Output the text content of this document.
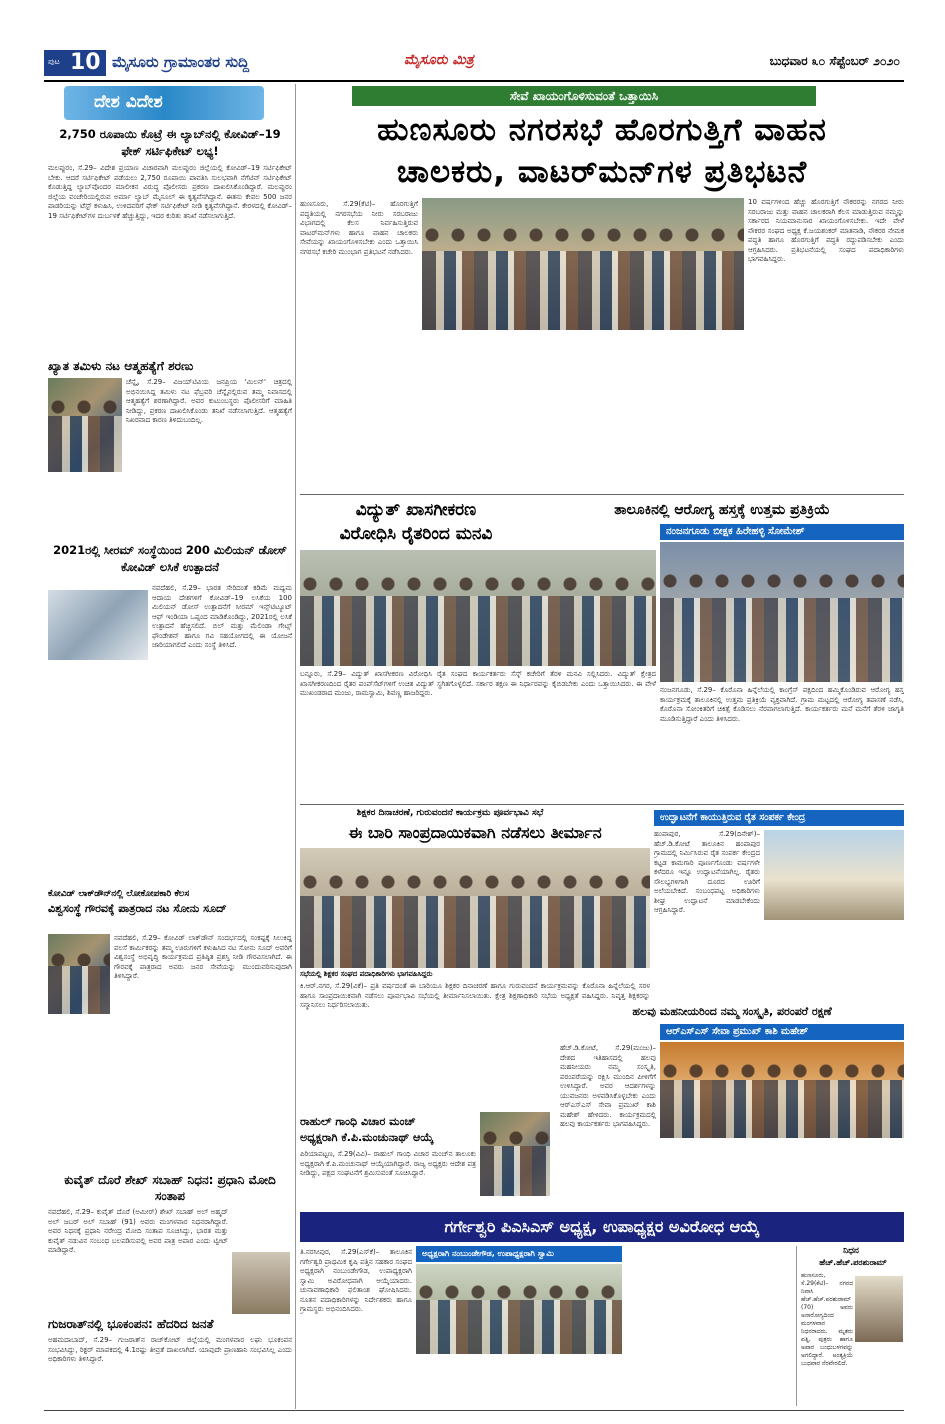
ಪುಟ 10 ಮೈಸೂರು ಗ್ರಾಮಾಂತರ ಸುದ್ದಿ	ಮೈಸೂರು ಮಿತ್ರ	ಬುಧವಾರ ೩೦ ಸೆಪ್ಟೆಂಬರ್ ೨೦೨೦
ದೇಶ ವಿದೇಶ
2,750 ರೂಪಾಯಿ ಕೊಟ್ರೆ ಈ ಲ್ಯಾಬ್‌ನಲ್ಲಿ ಕೋವಿಡ್–19 ಫೇಕ್ ಸರ್ಟಿಫಿಕೇಟ್ ಲಭ್ಯ!
ಮಲಪ್ಪುರಂ, ಸೆ.29– ವಿದೇಶ ಪ್ರಯಾಣ ವಿಚಾರವಾಗಿ ಮಲಪ್ಪುರಂ ಜಿಲ್ಲೆಯಲ್ಲಿ ಕೋವಿಡ್–19 ಸರ್ಟಿಫಿಕೇಟ್ ಬೇಕು. ಆದರೆ ಸರ್ಟಿಫಿಕೇಟ್ ಪಡೆಯಲು 2,750 ರೂಪಾಯಿ ಪಾವತಿಸಿ ಸುಲಭವಾಗಿ ನೆಗೆಟಿವ್ ಸರ್ಟಿಫಿಕೇಟ್ ಕೊಡುತ್ತಿದ್ದ ಲ್ಯಾಬ್‌ವೊಂದರ ಮಾಲೀಕನ ವಿರುದ್ಧ ಪೊಲೀಸರು ಪ್ರಕರಣ ದಾಖಲಿಸಿಕೊಂಡಿದ್ದಾರೆ. ಮಲಪ್ಪುರಂ ಜಿಲ್ಲೆಯ ವಂಚೇರಿಯಲ್ಲಿರುವ ಅರ್ಮಾ ಲ್ಯಾಬ್ ಮೈಸೂಲ್ ಈ ಕೃತ್ಯವೆಸಗಿದ್ದಾನೆ. ಈತನು ಕೇವಲ 500 ಜನರ ಪಾಡರಿಯನ್ನು ಟೆಸ್ಟ್ ಕಳುಹಿಸಿ, ಉಳಿದವರಿಗೆ ಫೇಕ್ ಸರ್ಟಿಫಿಕೇಟ್ ನೀಡಿ ಕೃತ್ಯವೆಸಗಿದ್ದಾನೆ. ಕೇರಳದಲ್ಲಿ ಕೋವಿಡ್–19 ಸರ್ಟಿಫಿಕೇಟ್‌ಗಳ ದುರ್ಬಳಕೆ ಹೆಚ್ಚುತ್ತಿದ್ದು, ಇದರ ಕುರಿತು ತನಿಖೆ ನಡೆಸಲಾಗುತ್ತಿದೆ.
ಖ್ಯಾತ ತಮಿಳು ನಟ ಆತ್ಮಹತ್ಯೆಗೆ ಶರಣು
ಚೆನ್ನೈ, ಸೆ.29– ವಿಜಯ್‌ಟಿವಿಯ ಜನಪ್ರಿಯ 'ಮಿಲನ್' ಚಿತ್ರದಲ್ಲಿ ಅಭಿನಯಿಸಿದ್ದ ತಮಿಳು ನಟ ಫೆಬ್ರವರಿ ಚೆನ್ನೈನಲ್ಲಿರುವ ತಮ್ಮ ನಿವಾಸದಲ್ಲಿ ಆತ್ಮಹತ್ಯೆಗೆ ಶರಣಾಗಿದ್ದಾರೆ. ಅವರ ಕುಟುಂಬಸ್ಥರು ಪೊಲೀಸರಿಗೆ ಮಾಹಿತಿ ನೀಡಿದ್ದು, ಪ್ರಕರಣ ದಾಖಲಿಸಿಕೊಂಡು ತನಿಖೆ ನಡೆಸಲಾಗುತ್ತಿದೆ. ಆತ್ಮಹತ್ಯೆಗೆ ನಿಖರವಾದ ಕಾರಣ ತಿಳಿದುಬಂದಿಲ್ಲ.
2021ರಲ್ಲಿ ಸೀರಮ್ ಸಂಸ್ಥೆಯಿಂದ 200 ಮಿಲಿಯನ್ ಡೋಸ್ ಕೋವಿಡ್ ಲಸಿಕೆ ಉತ್ಪಾದನೆ
ನವದೆಹಲಿ, ಸೆ.29– ಭಾರತ ಸೇರಿದಂತೆ ಕಡಿಮೆ ಮಧ್ಯಮ ಆದಾಯ ದೇಶಗಳಿಗೆ ಕೋವಿಡ್–19 ಲಸಿಕೆಯ 100 ಮಿಲಿಯನ್ ಡೋಸ್ ಉತ್ಪಾದನೆಗೆ ಸೀರಮ್ ಇನ್ಸ್‌ಟಿಟ್ಯೂಟ್ ಆಫ್ ಇಂಡಿಯಾ ಒಪ್ಪಂದ ಮಾಡಿಕೊಂಡಿದ್ದು, 2021ರಲ್ಲಿ ಲಸಿಕೆ ಉತ್ಪಾದನೆ ಹೆಚ್ಚಿಸಲಿದೆ. ಬಿಲ್ ಮತ್ತು ಮೆಲಿಂಡಾ ಗೇಟ್ಸ್ ಫೌಂಡೇಶನ್ ಹಾಗೂ ಗವಿ ಸಹಯೋಗದಲ್ಲಿ ಈ ಯೋಜನೆ ಜಾರಿಯಾಗಲಿದೆ ಎಂದು ಸಂಸ್ಥೆ ತಿಳಿಸಿದೆ.
ಕೋವಿಡ್ ಲಾಕ್‌ಡೌನ್‌ನಲ್ಲಿ ಲೋಕೋಪಕಾರಿ ಕೆಲಸ
ವಿಶ್ವಸಂಸ್ಥೆ ಗೌರವಕ್ಕೆ ಪಾತ್ರರಾದ ನಟ ಸೋನು ಸೂದ್
ನವದೆಹಲಿ, ಸೆ.29– ಕೋವಿಡ್ ಲಾಕ್‌ಡೌನ್ ಸಂದರ್ಭದಲ್ಲಿ ಸಂಕಷ್ಟಕ್ಕೆ ಸಿಲುಕಿದ್ದ ವಲಸೆ ಕಾರ್ಮಿಕರನ್ನು ತಮ್ಮ ಊರುಗಳಿಗೆ ಕಳುಹಿಸಿದ ನಟ ಸೋನು ಸೂದ್ ಅವರಿಗೆ ವಿಶ್ವಸಂಸ್ಥೆ ಅಭಿವೃದ್ಧಿ ಕಾರ್ಯಕ್ರಮದ ಪ್ರತಿಷ್ಠಿತ ಪ್ರಶಸ್ತಿ ನೀಡಿ ಗೌರವಿಸಲಾಗಿದೆ. ಈ ಗೌರವಕ್ಕೆ ಪಾತ್ರರಾದ ಅವರು ಜನರ ಸೇವೆಯನ್ನು ಮುಂದುವರಿಸುವುದಾಗಿ ತಿಳಿಸಿದ್ದಾರೆ.
ಕುವೈತ್ ದೊರೆ ಶೇಖ್ ಸಬಾಹ್ ನಿಧನ: ಪ್ರಧಾನಿ ಮೋದಿ ಸಂತಾಪ
ನವದೆಹಲಿ, ಸೆ.29– ಕುವೈತ್ ದೊರೆ (ಅಮೀರ್) ಶೇಖ್ ಸಬಾಹ್ ಅಲ್ ಅಹ್ಮದ್ ಅಲ್ ಜಬರ್ ಅಲ್ ಸಬಾಹ್ (91) ಅವರು ಮಂಗಳವಾರ ನಿಧನರಾಗಿದ್ದಾರೆ. ಅವರ ನಿಧನಕ್ಕೆ ಪ್ರಧಾನಿ ನರೇಂದ್ರ ಮೋದಿ ಸಂತಾಪ ಸೂಚಿಸಿದ್ದು, ಭಾರತ ಮತ್ತು ಕುವೈತ್ ನಡುವಿನ ಸಂಬಂಧ ಬಲಪಡಿಸುವಲ್ಲಿ ಅವರ ಪಾತ್ರ ಅಪಾರ ಎಂದು ಟ್ವೀಟ್ ಮಾಡಿದ್ದಾರೆ.
ಗುಜರಾತ್‌ನಲ್ಲಿ ಭೂಕಂಪನ: ಹೆದರಿದ ಜನತೆ
ಅಹಮದಾಬಾದ್, ಸೆ.29– ಗುಜರಾತ್‌ನ ರಾಜ್‌ಕೋಟ್ ಜಿಲ್ಲೆಯಲ್ಲಿ ಮಂಗಳವಾರ ಲಘು ಭೂಕಂಪನ ಸಂಭವಿಸಿದ್ದು, ರಿಕ್ಟರ್ ಮಾಪಕದಲ್ಲಿ 4.1ರಷ್ಟು ತೀವ್ರತೆ ದಾಖಲಾಗಿದೆ. ಯಾವುದೇ ಪ್ರಾಣಹಾನಿ ಸಂಭವಿಸಿಲ್ಲ ಎಂದು ಅಧಿಕಾರಿಗಳು ತಿಳಿಸಿದ್ದಾರೆ.
ಸೇವೆ ಖಾಯಂಗೊಳಿಸುವಂತೆ ಒತ್ತಾಯಿಸಿ
ಹುಣಸೂರು ನಗರಸಭೆ ಹೊರಗುತ್ತಿಗೆ ವಾಹನ
ಚಾಲಕರು, ವಾಟರ್‌ಮನ್‌ಗಳ ಪ್ರತಿಭಟನೆ
ಹುಣಸೂರು, ಸೆ.29(ಕೆಟಿ)– ಹೊರಗುತ್ತಿಗೆ ಪದ್ಧತಿಯಲ್ಲಿ ನಗರಸಭೆಯ ನೀರು ಸರಬರಾಜು ವಿಭಾಗದಲ್ಲಿ ಕೆಲಸ ನಿರ್ವಹಿಸುತ್ತಿರುವ ವಾಟರ್‌ಮನ್‌ಗಳು ಹಾಗೂ ವಾಹನ ಚಾಲಕರು ಸೇವೆಯನ್ನು ಖಾಯಂಗೊಳಿಸಬೇಕು ಎಂದು ಒತ್ತಾಯಿಸಿ ನಗರಸಭೆ ಕಚೇರಿ ಮುಂಭಾಗ ಪ್ರತಿಭಟನೆ ನಡೆಸಿದರು.
10 ವರ್ಷಗಳಿಂದ ಹೆಚ್ಚು ಹೊರಗುತ್ತಿಗೆ ನೌಕರರನ್ನು ನಗರದ ನೀರು ಸರಬರಾಜು ಮತ್ತು ವಾಹನ ಚಾಲಕರಾಗಿ ಕೆಲಸ ಮಾಡುತ್ತಿರುವ ನಮ್ಮನ್ನು ಸರ್ಕಾರದ ನಿಯಮಾನುಸಾರ ಖಾಯಂಗೊಳಿಸಬೇಕು. ಇದೇ ವೇಳೆ ನೌಕರರ ಸಂಘದ ಅಧ್ಯಕ್ಷ ಕೆ.ಜಯಶಂಕರ್ ಮಾತನಾಡಿ, ನೌಕರರ ನೇಮಕ ಪದ್ಧತಿ ಹಾಗೂ ಹೊರಗುತ್ತಿಗೆ ಪದ್ಧತಿ ರದ್ದುಪಡಿಸಬೇಕು ಎಂದು ಆಗ್ರಹಿಸಿದರು. ಪ್ರತಿಭಟನೆಯಲ್ಲಿ ಸಂಘದ ಪದಾಧಿಕಾರಿಗಳು ಭಾಗವಹಿಸಿದ್ದರು.
ವಿದ್ಯುತ್ ಖಾಸಗೀಕರಣ
ವಿರೋಧಿಸಿ ರೈತರಿಂದ ಮನವಿ
ಬನ್ನೂರು, ಸೆ.29– ವಿದ್ಯುತ್ ಖಾಸಗೀಕರಣ ವಿರೋಧಿಸಿ ರೈತ ಸಂಘದ ಕಾರ್ಯಕರ್ತರು ಸೆಸ್ಕ್ ಕಚೇರಿಗೆ ತೆರಳಿ ಮನವಿ ಸಲ್ಲಿಸಿದರು. ವಿದ್ಯುತ್ ಕ್ಷೇತ್ರದ ಖಾಸಗೀಕರಣದಿಂದ ರೈತರ ಪಂಪ್‌ಸೆಟ್‌ಗಳಿಗೆ ಉಚಿತ ವಿದ್ಯುತ್ ಸ್ಥಗಿತಗೊಳ್ಳಲಿದೆ. ಸರ್ಕಾರ ತಕ್ಷಣ ಈ ನಿರ್ಧಾರವನ್ನು ಕೈಬಿಡಬೇಕು ಎಂದು ಒತ್ತಾಯಿಸಿದರು. ಈ ವೇಳೆ ಮುಖಂಡರಾದ ಮಂಜು, ರಾಮಸ್ವಾಮಿ, ಶಿವಣ್ಣ ಹಾಜರಿದ್ದರು.
ತಾಲೂಕಿನಲ್ಲಿ ಆರೋಗ್ಯ ಹಸ್ತಕ್ಕೆ ಉತ್ತಮ ಪ್ರತಿಕ್ರಿಯೆ
ನಂಜನಗೂಡು ಬೀಕ್ಷಕ ಹಿರೇಹಳ್ಳಿ ಸೋಮೇಶ್
ನಂಜನಗೂಡು, ಸೆ.29– ಕೊರೊನಾ ಹಿನ್ನೆಲೆಯಲ್ಲಿ ಕಾಂಗ್ರೆಸ್ ಪಕ್ಷದಿಂದ ಹಮ್ಮಿಕೊಂಡಿರುವ ಆರೋಗ್ಯ ಹಸ್ತ ಕಾರ್ಯಕ್ರಮಕ್ಕೆ ತಾಲೂಕಿನಲ್ಲಿ ಉತ್ತಮ ಪ್ರತಿಕ್ರಿಯೆ ವ್ಯಕ್ತವಾಗಿದೆ. ಗ್ರಾಮ ಮಟ್ಟದಲ್ಲಿ ಆರೋಗ್ಯ ತಪಾಸಣೆ ನಡೆಸಿ, ಕೊರೊನಾ ಸೋಂಕಿತರಿಗೆ ಚಿಕಿತ್ಸೆ ಕೊಡಿಸಲು ನೆರವಾಗಲಾಗುತ್ತಿದೆ. ಕಾರ್ಯಕರ್ತರು ಮನೆ ಮನೆಗೆ ತೆರಳಿ ಜಾಗೃತಿ ಮೂಡಿಸುತ್ತಿದ್ದಾರೆ ಎಂದು ತಿಳಿಸಿದರು.
ಶಿಕ್ಷಕರ ದಿನಾಚರಣೆ, ಗುರುವಂದನೆ ಕಾರ್ಯಕ್ರಮ ಪೂರ್ವಭಾವಿ ಸಭೆ
ಈ ಬಾರಿ ಸಾಂಪ್ರದಾಯಿಕವಾಗಿ ನಡೆಸಲು ತೀರ್ಮಾನ
ಸಭೆಯಲ್ಲಿ ಶಿಕ್ಷಕರ ಸಂಘದ ಪದಾಧಿಕಾರಿಗಳು ಭಾಗವಹಿಸಿದ್ದರು
ಕಿ.ಆರ್.ನಗರ, ಸೆ.29(ವಿಕೆ)– ಪ್ರತಿ ವರ್ಷದಂತೆ ಈ ಬಾರಿಯೂ ಶಿಕ್ಷಕರ ದಿನಾಚರಣೆ ಹಾಗೂ ಗುರುವಂದನೆ ಕಾರ್ಯಕ್ರಮವನ್ನು ಕೊರೊನಾ ಹಿನ್ನೆಲೆಯಲ್ಲಿ ಸರಳ ಹಾಗೂ ಸಾಂಪ್ರದಾಯಿಕವಾಗಿ ನಡೆಸಲು ಪೂರ್ವಭಾವಿ ಸಭೆಯಲ್ಲಿ ತೀರ್ಮಾನಿಸಲಾಯಿತು. ಕ್ಷೇತ್ರ ಶಿಕ್ಷಣಾಧಿಕಾರಿ ಸಭೆಯ ಅಧ್ಯಕ್ಷತೆ ವಹಿಸಿದ್ದರು. ನಿವೃತ್ತ ಶಿಕ್ಷಕರನ್ನು ಸನ್ಮಾನಿಸಲು ನಿರ್ಧರಿಸಲಾಯಿತು.
ಉದ್ಘಾಟನೆಗೆ ಕಾಯುತ್ತಿರುವ ರೈತ ಸಂಪರ್ಕ ಕೇಂದ್ರ
ಹಂಪಾಪುರ, ಸೆ.29(ದಿನೇಶ್)– ಹೆಚ್.ಡಿ.ಕೋಟೆ ತಾಲೂಕಿನ ಹಂಪಾಪುರ ಗ್ರಾಮದಲ್ಲಿ ನಿರ್ಮಿಸಿರುವ ರೈತ ಸಂಪರ್ಕ ಕೇಂದ್ರದ ಕಟ್ಟಡ ಕಾಮಗಾರಿ ಪೂರ್ಣಗೊಂಡು ವರ್ಷಗಳೇ ಕಳೆದರೂ ಇನ್ನೂ ಉದ್ಘಾಟನೆಯಾಗಿಲ್ಲ. ರೈತರು ಸೌಲಭ್ಯಗಳಿಗಾಗಿ ದೂರದ ಊರಿಗೆ ಅಲೆಯಬೇಕಿದೆ. ಸಂಬಂಧಪಟ್ಟ ಅಧಿಕಾರಿಗಳು ಶೀಘ್ರ ಉದ್ಘಾಟನೆ ಮಾಡಬೇಕೆಂದು ಆಗ್ರಹಿಸಿದ್ದಾರೆ.
ರಾಹುಲ್ ಗಾಂಧಿ ವಿಚಾರ ಮಂಚ್
ಅಧ್ಯಕ್ಷರಾಗಿ ಕೆ.ಪಿ.ಮಂಚುನಾಥ್ ಆಯ್ಕೆ
ಪಿರಿಯಾಪಟ್ಟಣ, ಸೆ.29(ವಿವಿ)– ರಾಹುಲ್ ಗಾಂಧಿ ವಿಚಾರ ಮಂಚ್‌ನ ತಾಲೂಕು ಅಧ್ಯಕ್ಷರಾಗಿ ಕೆ.ಪಿ.ಮಂಚುನಾಥ್ ಆಯ್ಕೆಯಾಗಿದ್ದಾರೆ. ರಾಜ್ಯ ಅಧ್ಯಕ್ಷರು ಆದೇಶ ಪತ್ರ ನೀಡಿದ್ದು, ಪಕ್ಷದ ಸಂಘಟನೆಗೆ ಶ್ರಮಿಸುವಂತೆ ಸೂಚಿಸಿದ್ದಾರೆ.
ಹಲವು ಮಹನೀಯರಿಂದ ನಮ್ಮ ಸಂಸ್ಕೃತಿ, ಪರಂಪರೆ ರಕ್ಷಣೆ
ಆರ್‌ಎಸ್‌ಎಸ್ ಸೇವಾ ಪ್ರಮುಖ್ ಕಾಶಿ ಮಹೇಶ್
ಹೆಚ್.ಡಿ.ಕೋಟೆ, ಸೆ.29(ಮಂಜು)– ದೇಶದ ಇತಿಹಾಸದಲ್ಲಿ ಹಲವು ಮಹನೀಯರು ನಮ್ಮ ಸಂಸ್ಕೃತಿ, ಪರಂಪರೆಯನ್ನು ರಕ್ಷಿಸಿ ಮುಂದಿನ ಪೀಳಿಗೆಗೆ ಉಳಿಸಿದ್ದಾರೆ. ಅವರ ಆದರ್ಶಗಳನ್ನು ಯುವಜನರು ಅಳವಡಿಸಿಕೊಳ್ಳಬೇಕು ಎಂದು ಆರ್‌ಎಸ್‌ಎಸ್ ಸೇವಾ ಪ್ರಮುಖ್ ಕಾಶಿ ಮಹೇಶ್ ಹೇಳಿದರು. ಕಾರ್ಯಕ್ರಮದಲ್ಲಿ ಹಲವು ಕಾರ್ಯಕರ್ತರು ಭಾಗವಹಿಸಿದ್ದರು.
ಗರ್ಗೇಶ್ವರಿ ಪಿಎಸಿಎಸ್ ಅಧ್ಯಕ್ಷ, ಉಪಾಧ್ಯಕ್ಷರ ಅವಿರೋಧ ಆಯ್ಕೆ
ತಿ.ನರಸೀಪುರ, ಸೆ.29(ಎಸ್‌ಕೆ)– ತಾಲೂಕಿನ ಗರ್ಗೇಶ್ವರಿ ಪ್ರಾಥಮಿಕ ಕೃಷಿ ಪತ್ತಿನ ಸಹಕಾರ ಸಂಘದ ಅಧ್ಯಕ್ಷರಾಗಿ ನಂಬುಂಡೇಗೌಡ, ಉಪಾಧ್ಯಕ್ಷರಾಗಿ ಸ್ವಾಮಿ ಅವಿರೋಧವಾಗಿ ಆಯ್ಕೆಯಾದರು. ಚುನಾವಣಾಧಿಕಾರಿ ಫಲಿತಾಂಶ ಘೋಷಿಸಿದರು. ನೂತನ ಪದಾಧಿಕಾರಿಗಳನ್ನು ನಿರ್ದೇಶಕರು ಹಾಗೂ ಗ್ರಾಮಸ್ಥರು ಅಭಿನಂದಿಸಿದರು.
ಅಧ್ಯಕ್ಷರಾಗಿ ನಂಬುಂಡೇಗೌಡ, ಉಪಾಧ್ಯಕ್ಷರಾಗಿ ಸ್ವಾಮಿ	ನಿಧನ
ಹೆಚ್.ಹೆಚ್.ಪರಶುರಾಮ್
ಹುಣಸೂರು, ಸೆ.29(ಕೆಟಿ)– ನಗರದ ನಿವಾಸಿ ಹೆಚ್.ಹೆಚ್.ಪರಶುರಾಮ್ (70) ಅವರು ಅನಾರೋಗ್ಯದಿಂದ ಮಂಗಳವಾರ ನಿಧನರಾದರು. ಮೃತರು ಪತ್ನಿ, ಪುತ್ರರು ಹಾಗೂ ಅಪಾರ ಬಂಧುಬಳಗವನ್ನು ಅಗಲಿದ್ದಾರೆ. ಅಂತ್ಯಕ್ರಿಯೆ ಬುಧವಾರ ನೆರವೇರಲಿದೆ.
